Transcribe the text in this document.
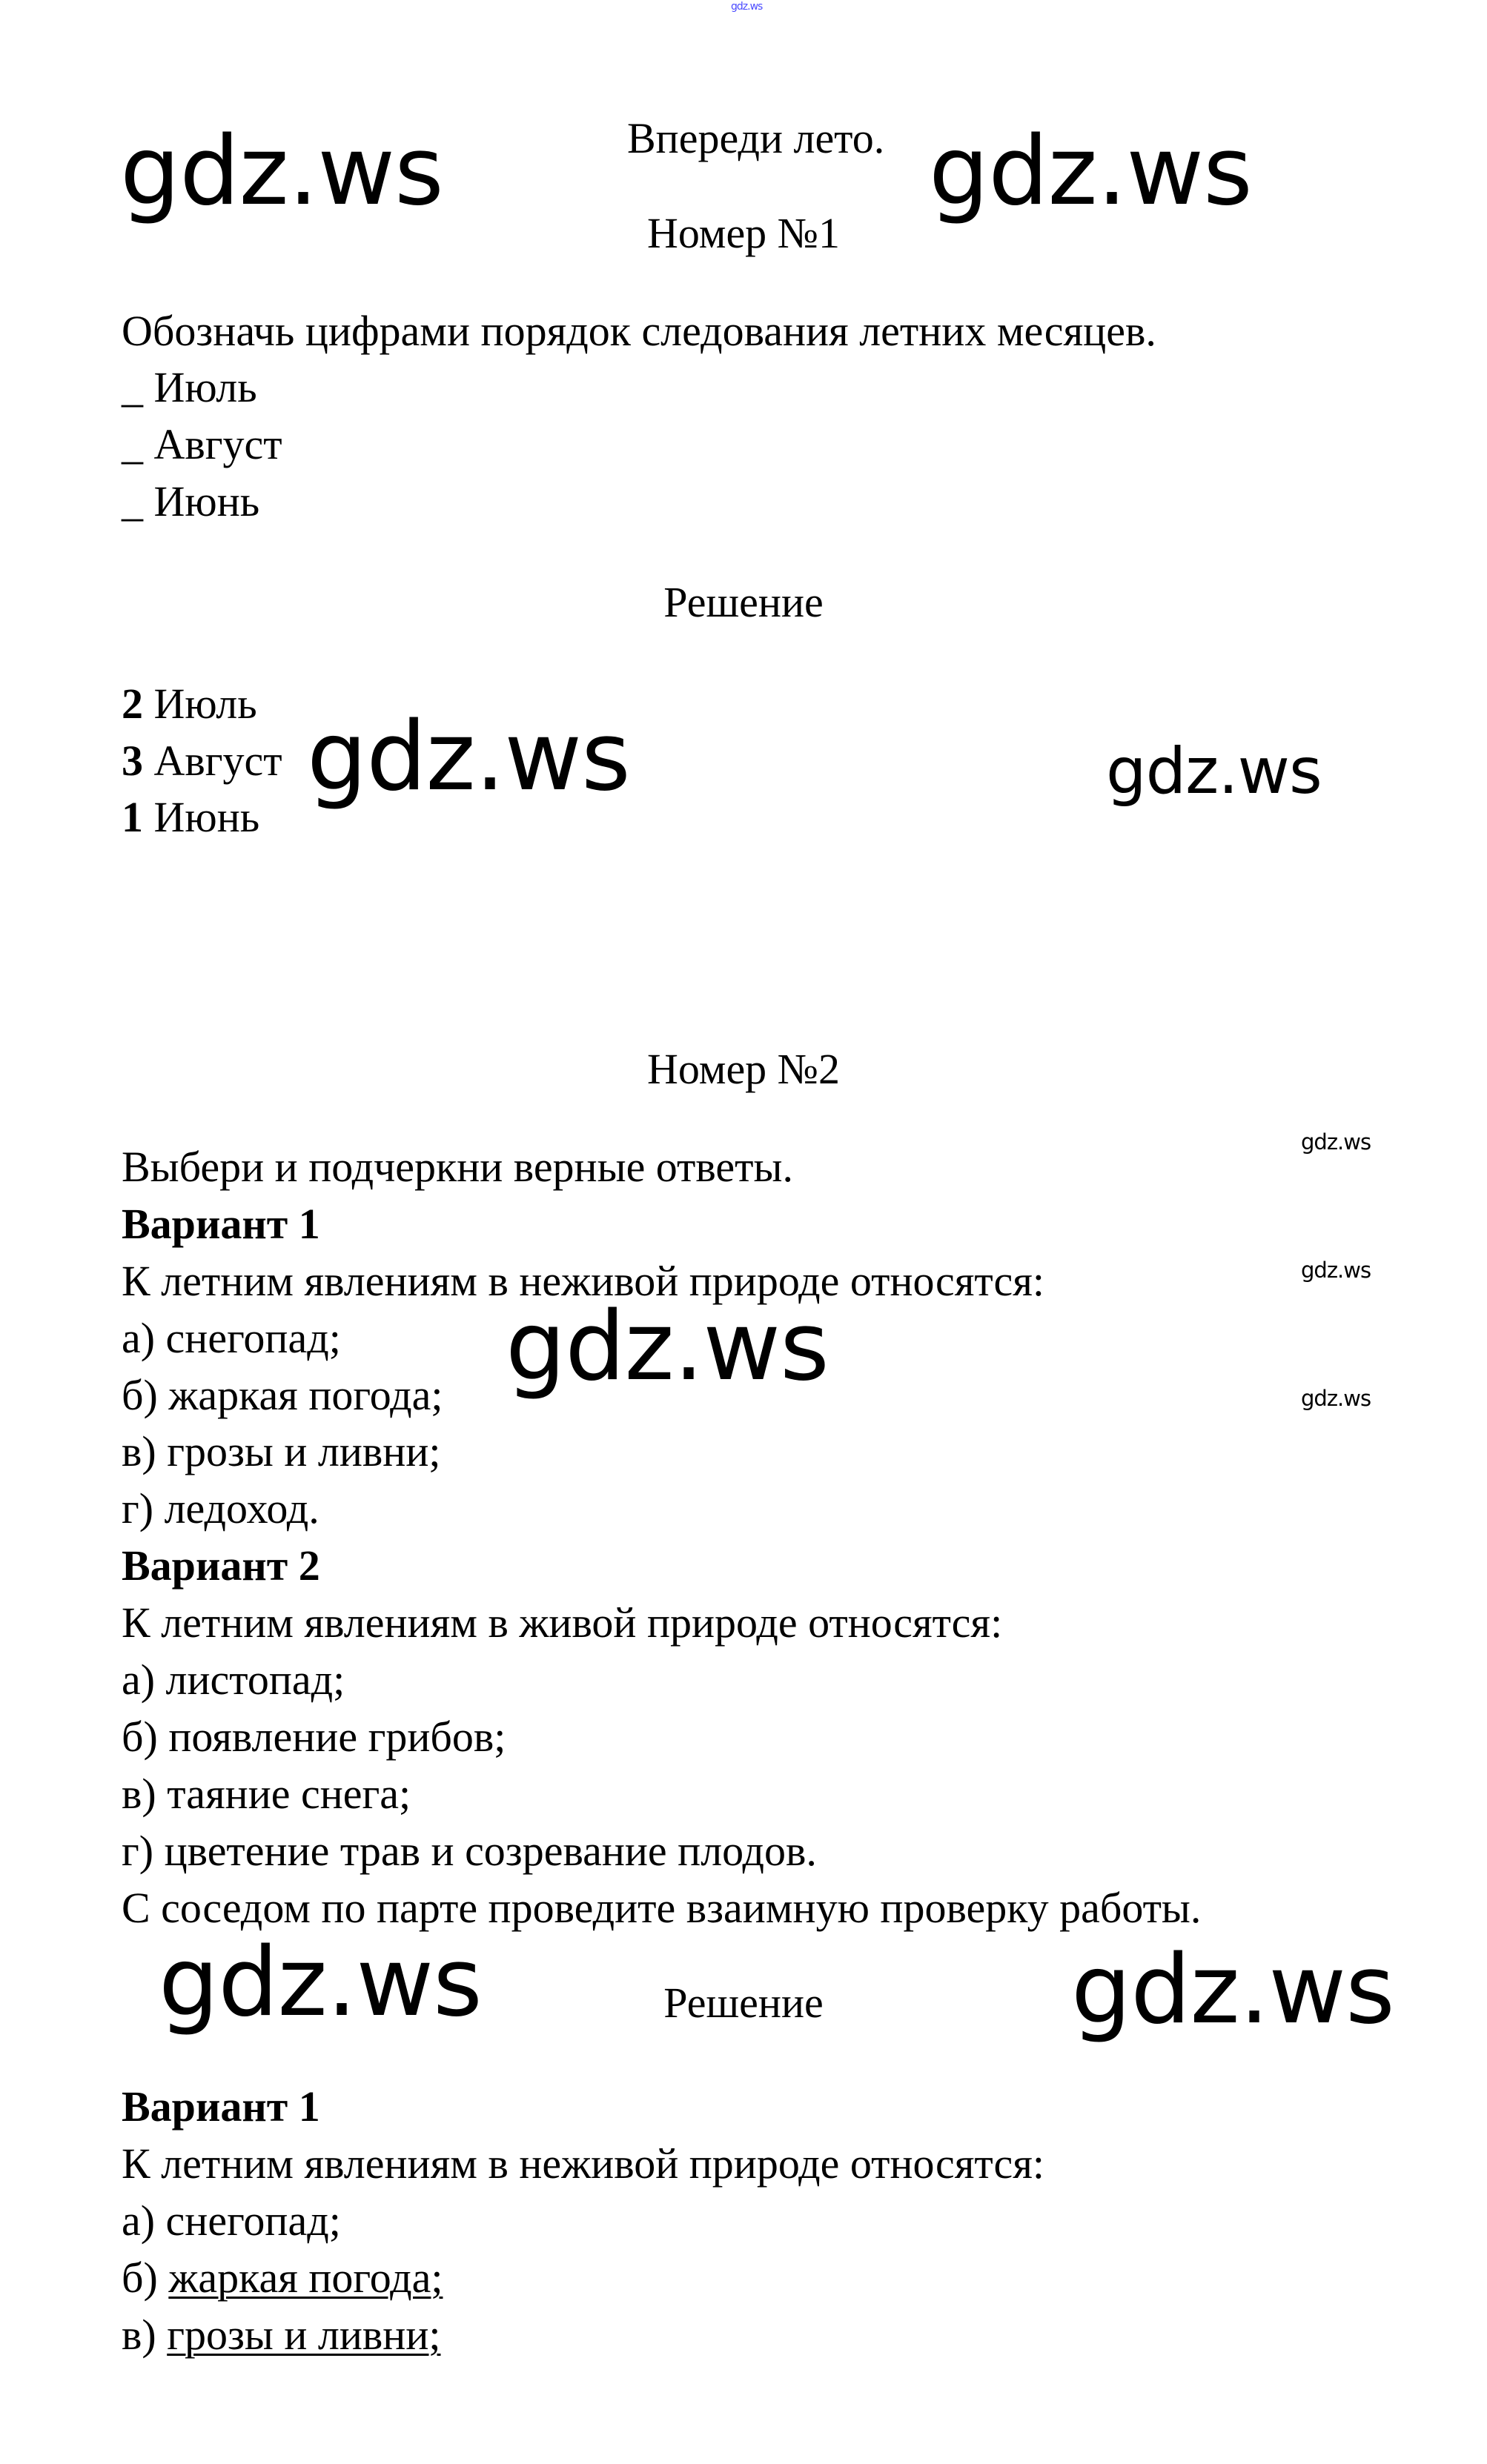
gdz.ws
Впереди лето.
Номер №1
Обозначь цифрами порядок следования летних месяцев.
_ Июль
_ Август
_ Июнь
Решение
2 Июль
3 Август
1 Июнь
Номер №2
Выбери и подчеркни верные ответы.
Вариант 1
К летним явлениям в неживой природе относятся:
а) снегопад;
б) жаркая погода;
в) грозы и ливни;
г) ледоход.
Вариант 2
К летним явлениям в живой природе относятся:
а) листопад;
б) появление грибов;
в) таяние снега;
г) цветение трав и созревание плодов.
С соседом по парте проведите взаимную проверку работы.
Решение
Вариант 1
К летним явлениям в неживой природе относятся:
а) снегопад;
б) жаркая погода;
в) грозы и ливни;
gdz.ws	gdz.ws
gdz.ws	gdz.ws
gdz.ws
gdz.ws
gdz.ws	gdz.ws
gdz.ws	gdz.ws
